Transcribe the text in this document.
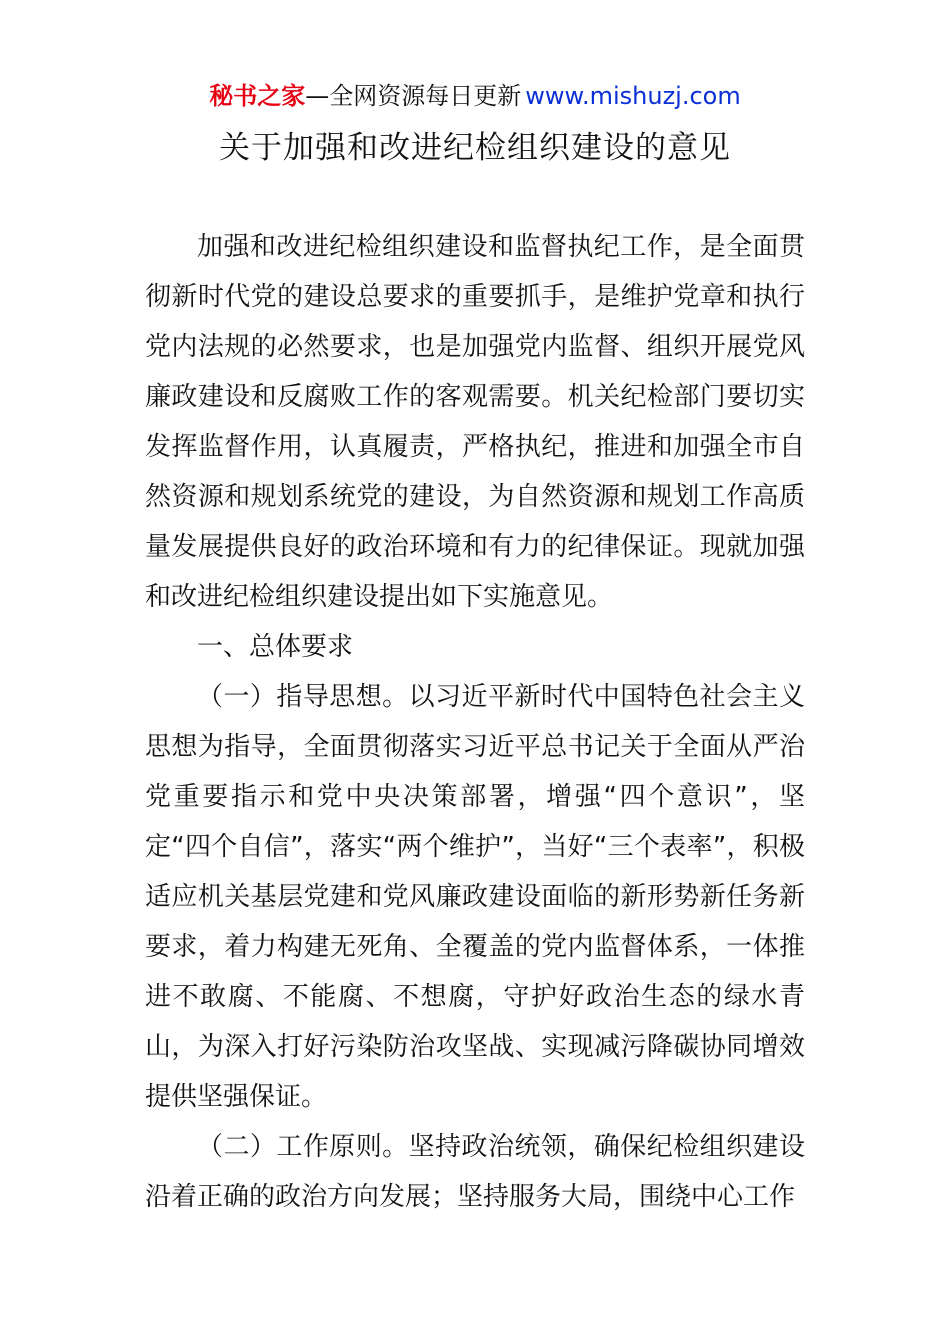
秘书之家—全网资源每日更新 www.mishuzj.com
关于加强和改进纪检组织建设的意见

加强和改进纪检组织建设和监督执纪工作，是全面贯彻新时代党的建设总要求的重要抓手，是维护党章和执行党内法规的必然要求，也是加强党内监督、组织开展党风廉政建设和反腐败工作的客观需要。机关纪检部门要切实发挥监督作用，认真履责，严格执纪，推进和加强全市自然资源和规划系统党的建设，为自然资源和规划工作高质量发展提供良好的政治环境和有力的纪律保证。现就加强和改进纪检组织建设提出如下实施意见。

一、总体要求

（一）指导思想。以习近平新时代中国特色社会主义思想为指导，全面贯彻落实习近平总书记关于全面从严治党重要指示和党中央决策部署，增强“四个意识”，坚定“四个自信”，落实“两个维护”，当好“三个表率”，积极适应机关基层党建和党风廉政建设面临的新形势新任务新要求，着力构建无死角、全覆盖的党内监督体系，一体推进不敢腐、不能腐、不想腐，守护好政治生态的绿水青山，为深入打好污染防治攻坚战、实现减污降碳协同增效提供坚强保证。

（二）工作原则。坚持政治统领，确保纪检组织建设沿着正确的政治方向发展；坚持服务大局，围绕中心工作
